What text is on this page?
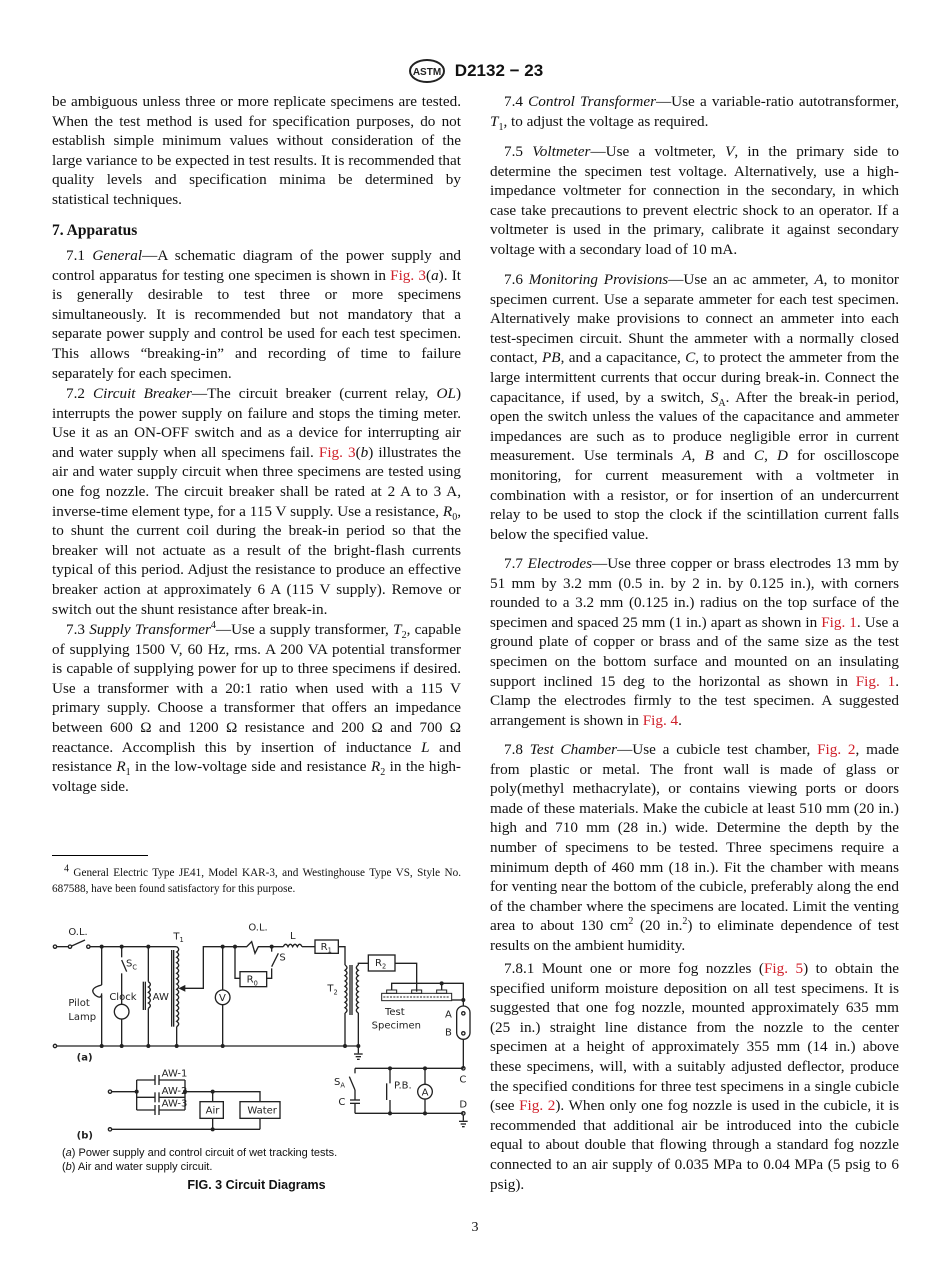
ASTM D2132 − 23

be ambiguous unless three or more replicate specimens are tested. When the test method is used for specification purposes, do not establish simple minimum values without consideration of the large variance to be expected in test results. It is recommended that quality levels and specification minima be determined by statistical techniques.

7. Apparatus

7.1 General—A schematic diagram of the power supply and control apparatus for testing one specimen is shown in Fig. 3(a). It is generally desirable to test three or more specimens simultaneously. It is recommended but not mandatory that a separate power supply and control be used for each test specimen. This allows “breaking-in” and recording of time to failure separately for each specimen.

7.2 Circuit Breaker—The circuit breaker (current relay, OL) interrupts the power supply on failure and stops the timing meter. Use it as an ON-OFF switch and as a device for interrupting air and water supply when all specimens fail. Fig. 3(b) illustrates the air and water supply circuit when three specimens are tested using one fog nozzle. The circuit breaker shall be rated at 2 A to 3 A, inverse-time element type, for a 115 V supply. Use a resistance, $R_0$, to shunt the current coil during the break-in period so that the breaker will not actuate as a result of the bright-flash currents typical of this period. Adjust the resistance to produce an effective breaker action at approximately 6 A (115 V supply). Remove or switch out the shunt resistance after break-in.

7.3 Supply Transformer$^4$—Use a supply transformer, $T_2$, capable of supplying 1500 V, 60 Hz, rms. A 200 VA potential transformer is capable of supplying power for up to three specimens if desired. Use a transformer with a 20:1 ratio when used with a 115 V primary supply. Choose a transformer that offers an impedance between 600 Ω and 1200 Ω resistance and 200 Ω and 700 Ω reactance. Accomplish this by insertion of inductance L and resistance $R_1$ in the low-voltage side and resistance $R_2$ in the high-voltage side.

$^4$ General Electric Type JE41, Model KAR-3, and Westinghouse Type VS, Style No. 687588, have been found satisfactory for this purpose.

O.L.	$T_1$
$S_C$
Pilot
Lamp
Clock AW V
O.L.
L
S
$R_1$
$R_0$
$T_2$
$R_2$
Test
Specimen
A
B
C
D
$S_A$
C
P.B.
A
(a)
(b)
AW-1
AW-2
AW-3
Air Water
(a) Power supply and control circuit of wet tracking tests.
(b) Air and water supply circuit.
FIG. 3 Circuit Diagrams

7.4 Control Transformer—Use a variable-ratio autotransformer, $T_1$, to adjust the voltage as required.

7.5 Voltmeter—Use a voltmeter, V, in the primary side to determine the specimen test voltage. Alternatively, use a high-impedance voltmeter for connection in the secondary, in which case take precautions to prevent electric shock to an operator. If a voltmeter is used in the primary, calibrate it against secondary voltage with a secondary load of 10 mA.

7.6 Monitoring Provisions—Use an ac ammeter, A, to monitor specimen current. Use a separate ammeter for each test specimen. Alternatively make provisions to connect an ammeter into each test-specimen circuit. Shunt the ammeter with a normally closed contact, PB, and a capacitance, C, to protect the ammeter from the large intermittent currents that occur during break-in. Connect the capacitance, if used, by a switch, $S_A$. After the break-in period, open the switch unless the values of the capacitance and ammeter impedances are such as to produce negligible error in current measurement. Use terminals A, B and C, D for oscilloscope monitoring, for current measurement with a voltmeter in combination with a resistor, or for insertion of an undercurrent relay to be used to stop the clock if the scintillation current falls below the specified value.

7.7 Electrodes—Use three copper or brass electrodes 13 mm by 51 mm by 3.2 mm (0.5 in. by 2 in. by 0.125 in.), with corners rounded to a 3.2 mm (0.125 in.) radius on the top surface of the specimen and spaced 25 mm (1 in.) apart as shown in Fig. 1. Use a ground plate of copper or brass and of the same size as the test specimen on the bottom surface and mounted on an insulating support inclined 15 deg to the horizontal as shown in Fig. 1. Clamp the electrodes firmly to the test specimen. A suggested arrangement is shown in Fig. 4.

7.8 Test Chamber—Use a cubicle test chamber, Fig. 2, made from plastic or metal. The front wall is made of glass or poly(methyl methacrylate), or contains viewing ports or doors made of these materials. Make the cubicle at least 510 mm (20 in.) high and 710 mm (28 in.) wide. Determine the depth by the number of specimens to be tested. Three specimens require a minimum depth of 460 mm (18 in.). Fit the chamber with means for venting near the bottom of the cubicle, preferably along the end of the chamber where the specimens are located. Limit the venting area to about 130 $cm^2$ (20 in.$^2$) to eliminate dependence of test results on the ambient humidity.

7.8.1 Mount one or more fog nozzles (Fig. 5) to obtain the specified uniform moisture deposition on all test specimens. It is suggested that one fog nozzle, mounted approximately 635 mm (25 in.) straight line distance from the nozzle to the center specimen at a height of approximately 355 mm (14 in.) above these specimens, will, with a suitably adjusted deflector, produce the specified conditions for three test specimens in a single cubicle (see Fig. 2). When only one fog nozzle is used in the cubicle, it is recommended that additional air be introduced into the cubicle equal to about double that flowing through a standard fog nozzle connected to an air supply of 0.035 MPa to 0.04 MPa (5 psig to 6 psig).

3
